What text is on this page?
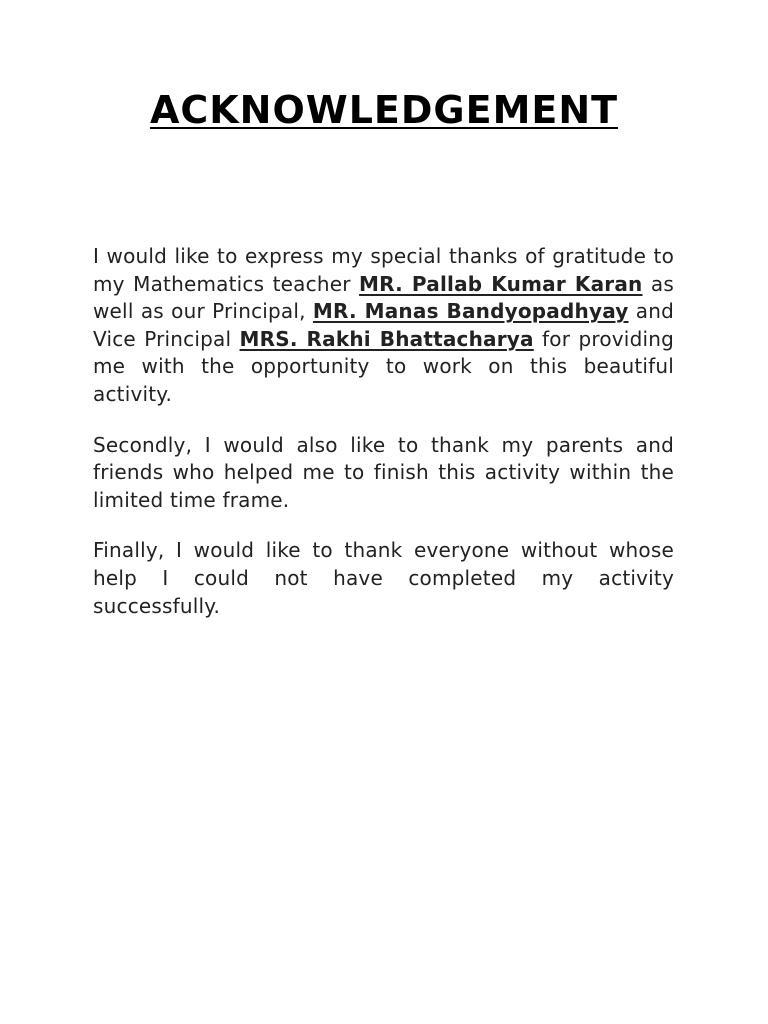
ACKNOWLEDGEMENT

I would like to express my special thanks of gratitude to my Mathematics teacher MR. Pallab Kumar Karan as well as our Principal, MR. Manas Bandyopadhyay and Vice Principal MRS. Rakhi Bhattacharya for providing me with the opportunity to work on this beautiful activity.

Secondly, I would also like to thank my parents and friends who helped me to finish this activity within the limited time frame.

Finally, I would like to thank everyone without whose help I could not have completed my activity successfully.
